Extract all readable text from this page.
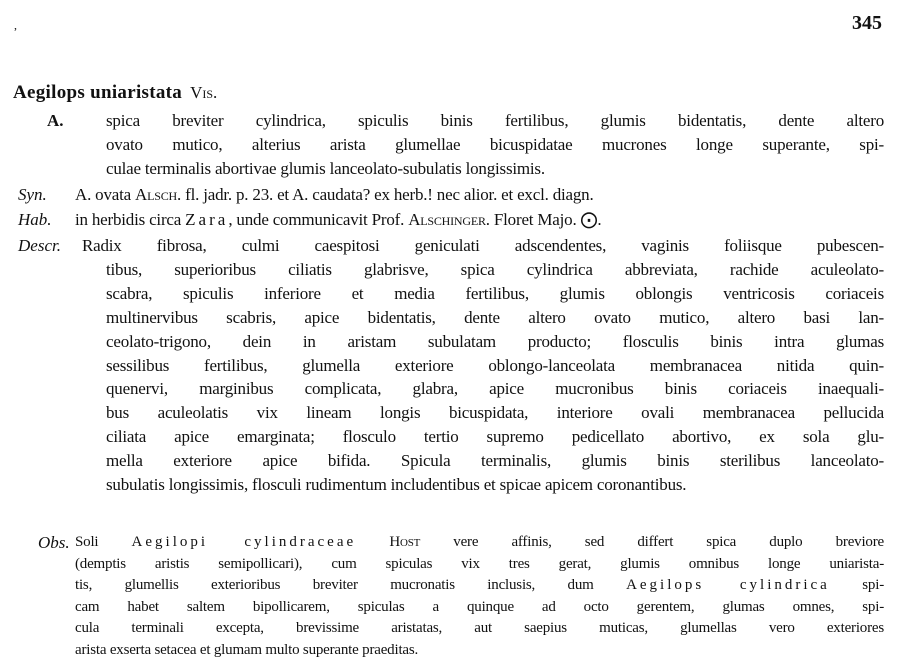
,	345
Aegilops uniaristata Vis.
A. spica breviter cylindrica, spiculis binis fertilibus, glumis bidentatis, dente altero
ovato mutico, alterius arista glumellae bicuspidatae mucrones longe superante, spi-
culae terminalis abortivae glumis lanceolato-subulatis longissimis.
Syn. A. ovata Alsch. fl. jadr. p. 23. et A. caudata? ex herb.! nec alior. et excl. diagn.
Hab. in herbidis circa Zara, unde communicavit Prof. Alschinger. Floret Majo. ⨀.
Descr. Radix fibrosa, culmi caespitosi geniculati adscendentes, vaginis foliisque pubescen-
tibus, superioribus ciliatis glabrisve, spica cylindrica abbreviata, rachide aculeolato-
scabra, spiculis inferiore et media fertilibus, glumis oblongis ventricosis coriaceis
multinervibus scabris, apice bidentatis, dente altero ovato mutico, altero basi lan-
ceolato-trigono, dein in aristam subulatam producto; flosculis binis intra glumas
sessilibus fertilibus, glumella exteriore oblongo-lanceolata membranacea nitida quin-
quenervi, marginibus complicata, glabra, apice mucronibus binis coriaceis inaequali-
bus aculeolatis vix lineam longis bicuspidata, interiore ovali membranacea pellucida
ciliata apice emarginata; flosculo tertio supremo pedicellato abortivo, ex sola glu-
mella exteriore apice bifida. Spicula terminalis, glumis binis sterilibus lanceolato-
subulatis longissimis, flosculi rudimentum includentibus et spicae apicem coronantibus.
Obs. Soli Aegilopi cylindraceae Host vere affinis, sed differt spica duplo breviore
(demptis aristis semipollicari), cum spiculas vix tres gerat, glumis omnibus longe uniarista-
tis, glumellis exterioribus breviter mucronatis inclusis, dum Aegilops cylindrica spi-
cam habet saltem bipollicarem, spiculas a quinque ad octo gerentem, glumas omnes, spi-
cula terminali excepta, brevissime aristatas, aut saepius muticas, glumellas vero exteriores
arista exserta setacea et glumam multo superante praeditas.
